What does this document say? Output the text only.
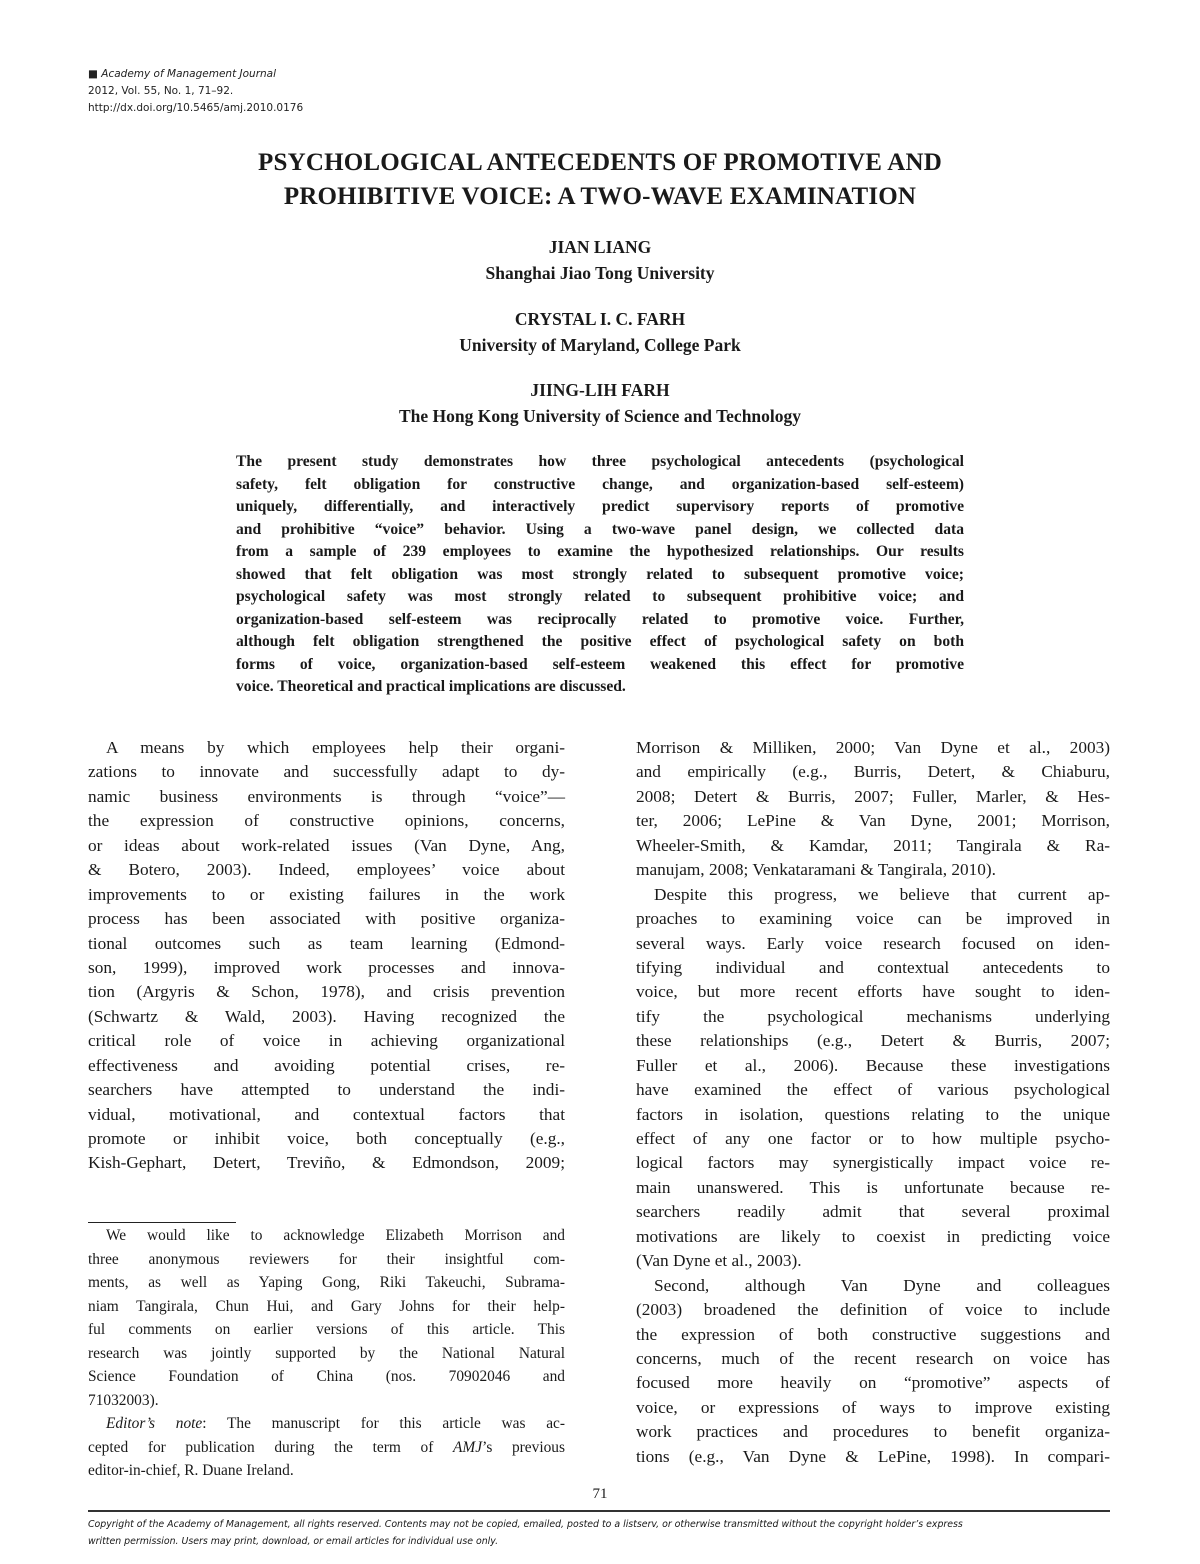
■ Academy of Management Journal
2012, Vol. 55, No. 1, 71–92.
http://dx.doi.org/10.5465/amj.2010.0176
PSYCHOLOGICAL ANTECEDENTS OF PROMOTIVE AND
PROHIBITIVE VOICE: A TWO-WAVE EXAMINATION
JIAN LIANG
Shanghai Jiao Tong University
CRYSTAL I. C. FARH
University of Maryland, College Park
JIING-LIH FARH
The Hong Kong University of Science and Technology
The present study demonstrates how three psychological antecedents (psychological
safety, felt obligation for constructive change, and organization-based self-esteem)
uniquely, differentially, and interactively predict supervisory reports of promotive
and prohibitive “voice” behavior. Using a two-wave panel design, we collected data
from a sample of 239 employees to examine the hypothesized relationships. Our results
showed that felt obligation was most strongly related to subsequent promotive voice;
psychological safety was most strongly related to subsequent prohibitive voice; and
organization-based self-esteem was reciprocally related to promotive voice. Further,
although felt obligation strengthened the positive effect of psychological safety on both
forms of voice, organization-based self-esteem weakened this effect for promotive
voice. Theoretical and practical implications are discussed.
A means by which employees help their organi-
zations to innovate and successfully adapt to dy-
namic business environments is through “voice”—
the expression of constructive opinions, concerns,
or ideas about work-related issues (Van Dyne, Ang,
& Botero, 2003). Indeed, employees’ voice about
improvements to or existing failures in the work
process has been associated with positive organiza-
tional outcomes such as team learning (Edmond-
son, 1999), improved work processes and innova-
tion (Argyris & Schon, 1978), and crisis prevention
(Schwartz & Wald, 2003). Having recognized the
critical role of voice in achieving organizational
effectiveness and avoiding potential crises, re-
searchers have attempted to understand the indi-
vidual, motivational, and contextual factors that
promote or inhibit voice, both conceptually (e.g.,
Kish-Gephart, Detert, Treviño, & Edmondson, 2009;
We would like to acknowledge Elizabeth Morrison and
three anonymous reviewers for their insightful com-
ments, as well as Yaping Gong, Riki Takeuchi, Subrama-
niam Tangirala, Chun Hui, and Gary Johns for their help-
ful comments on earlier versions of this article. This
research was jointly supported by the National Natural
Science Foundation of China (nos. 70902046 and
71032003).
Editor’s note: The manuscript for this article was ac-
cepted for publication during the term of AMJ’s previous
editor-in-chief, R. Duane Ireland.
Morrison & Milliken, 2000; Van Dyne et al., 2003)
and empirically (e.g., Burris, Detert, & Chiaburu,
2008; Detert & Burris, 2007; Fuller, Marler, & Hes-
ter, 2006; LePine & Van Dyne, 2001; Morrison,
Wheeler-Smith, & Kamdar, 2011; Tangirala & Ra-
manujam, 2008; Venkataramani & Tangirala, 2010).
Despite this progress, we believe that current ap-
proaches to examining voice can be improved in
several ways. Early voice research focused on iden-
tifying individual and contextual antecedents to
voice, but more recent efforts have sought to iden-
tify the psychological mechanisms underlying
these relationships (e.g., Detert & Burris, 2007;
Fuller et al., 2006). Because these investigations
have examined the effect of various psychological
factors in isolation, questions relating to the unique
effect of any one factor or to how multiple psycho-
logical factors may synergistically impact voice re-
main unanswered. This is unfortunate because re-
searchers readily admit that several proximal
motivations are likely to coexist in predicting voice
(Van Dyne et al., 2003).
Second, although Van Dyne and colleagues
(2003) broadened the definition of voice to include
the expression of both constructive suggestions and
concerns, much of the recent research on voice has
focused more heavily on “promotive” aspects of
voice, or expressions of ways to improve existing
work practices and procedures to benefit organiza-
tions (e.g., Van Dyne & LePine, 1998). In compari-
71
Copyright of the Academy of Management, all rights reserved. Contents may not be copied, emailed, posted to a listserv, or otherwise transmitted without the copyright holder’s express
written permission. Users may print, download, or email articles for individual use only.
